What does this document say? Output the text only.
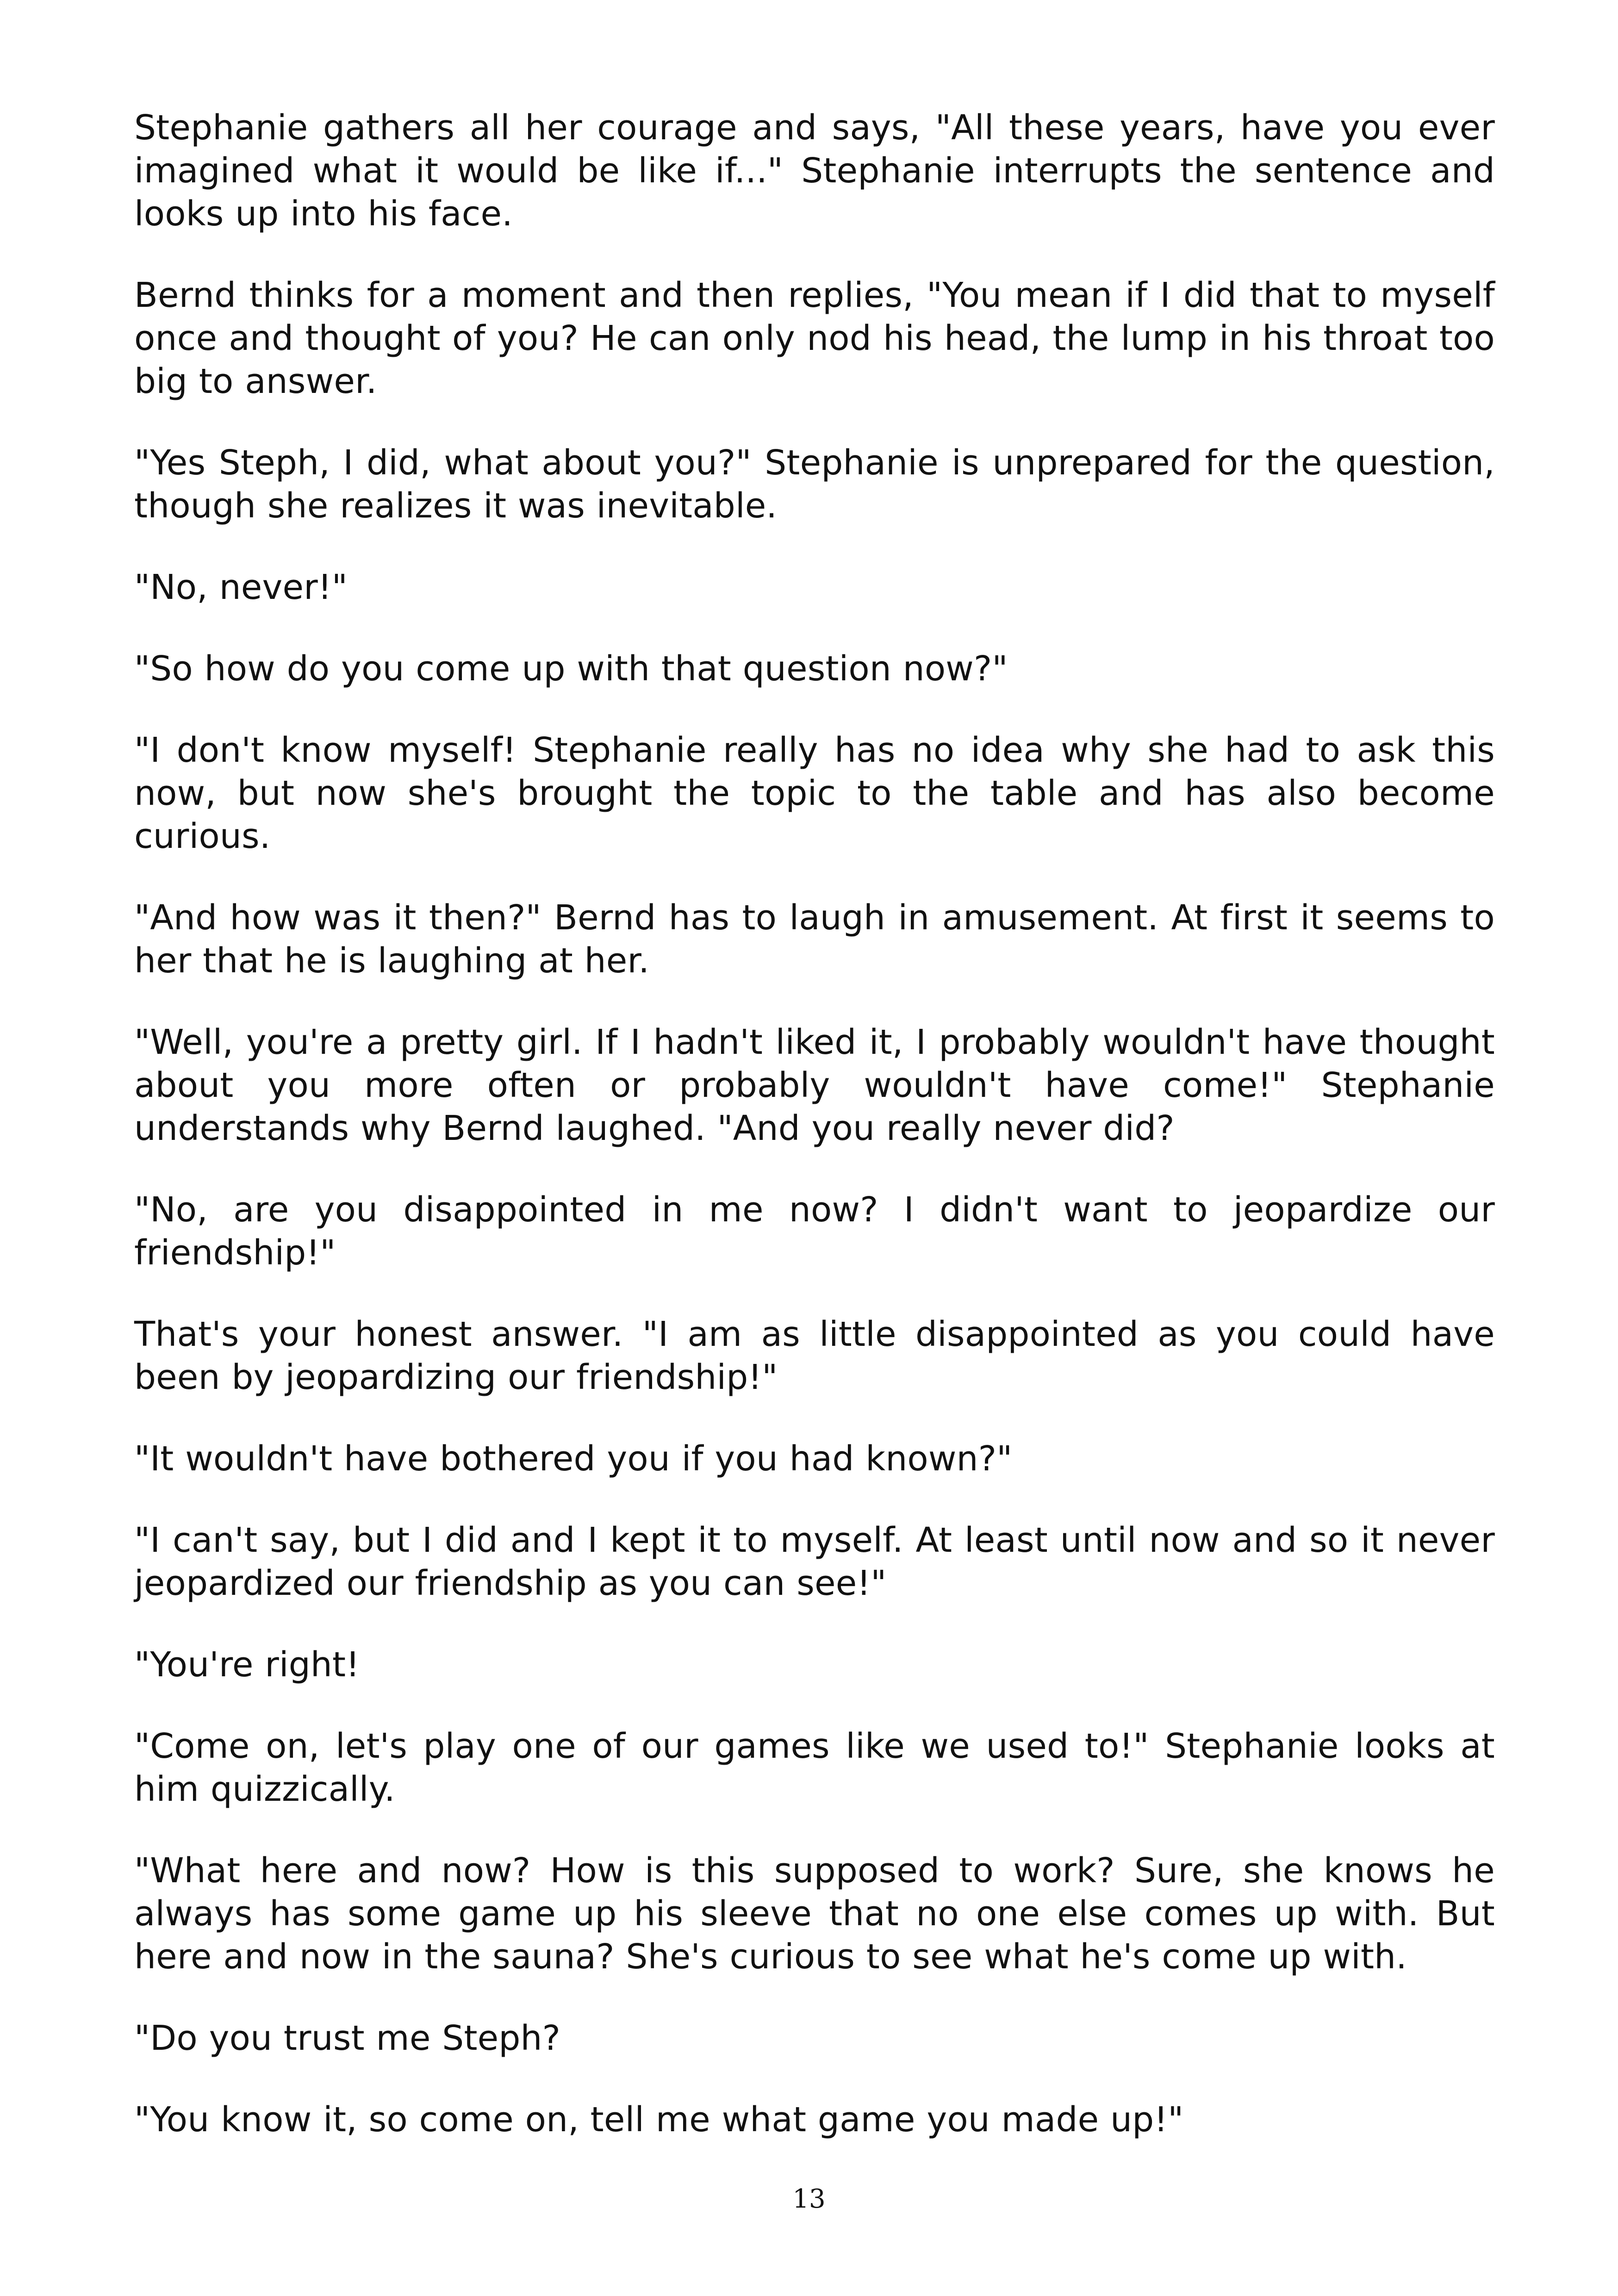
Stephanie gathers all her courage and says, "All these years, have you ever imagined what it would be like if..." Stephanie interrupts the sentence and looks up into his face.

Bernd thinks for a moment and then replies, "You mean if I did that to myself once and thought of you? He can only nod his head, the lump in his throat too big to answer.

"Yes Steph, I did, what about you?" Stephanie is unprepared for the question, though she realizes it was inevitable.

"No, never!"

"So how do you come up with that question now?"

"I don't know myself! Stephanie really has no idea why she had to ask this now, but now she's brought the topic to the table and has also become curious.

"And how was it then?" Bernd has to laugh in amusement. At first it seems to her that he is laughing at her.

"Well, you're a pretty girl. If I hadn't liked it, I probably wouldn't have thought about you more often or probably wouldn't have come!" Stephanie understands why Bernd laughed. "And you really never did?

"No, are you disappointed in me now? I didn't want to jeopardize our friendship!"

That's your honest answer. "I am as little disappointed as you could have been by jeopardizing our friendship!"

"It wouldn't have bothered you if you had known?"

"I can't say, but I did and I kept it to myself. At least until now and so it never jeopardized our friendship as you can see!"

"You're right!

"Come on, let's play one of our games like we used to!" Stephanie looks at him quizzically.

"What here and now? How is this supposed to work? Sure, she knows he always has some game up his sleeve that no one else comes up with. But here and now in the sauna? She's curious to see what he's come up with.

"Do you trust me Steph?

"You know it, so come on, tell me what game you made up!"

13
